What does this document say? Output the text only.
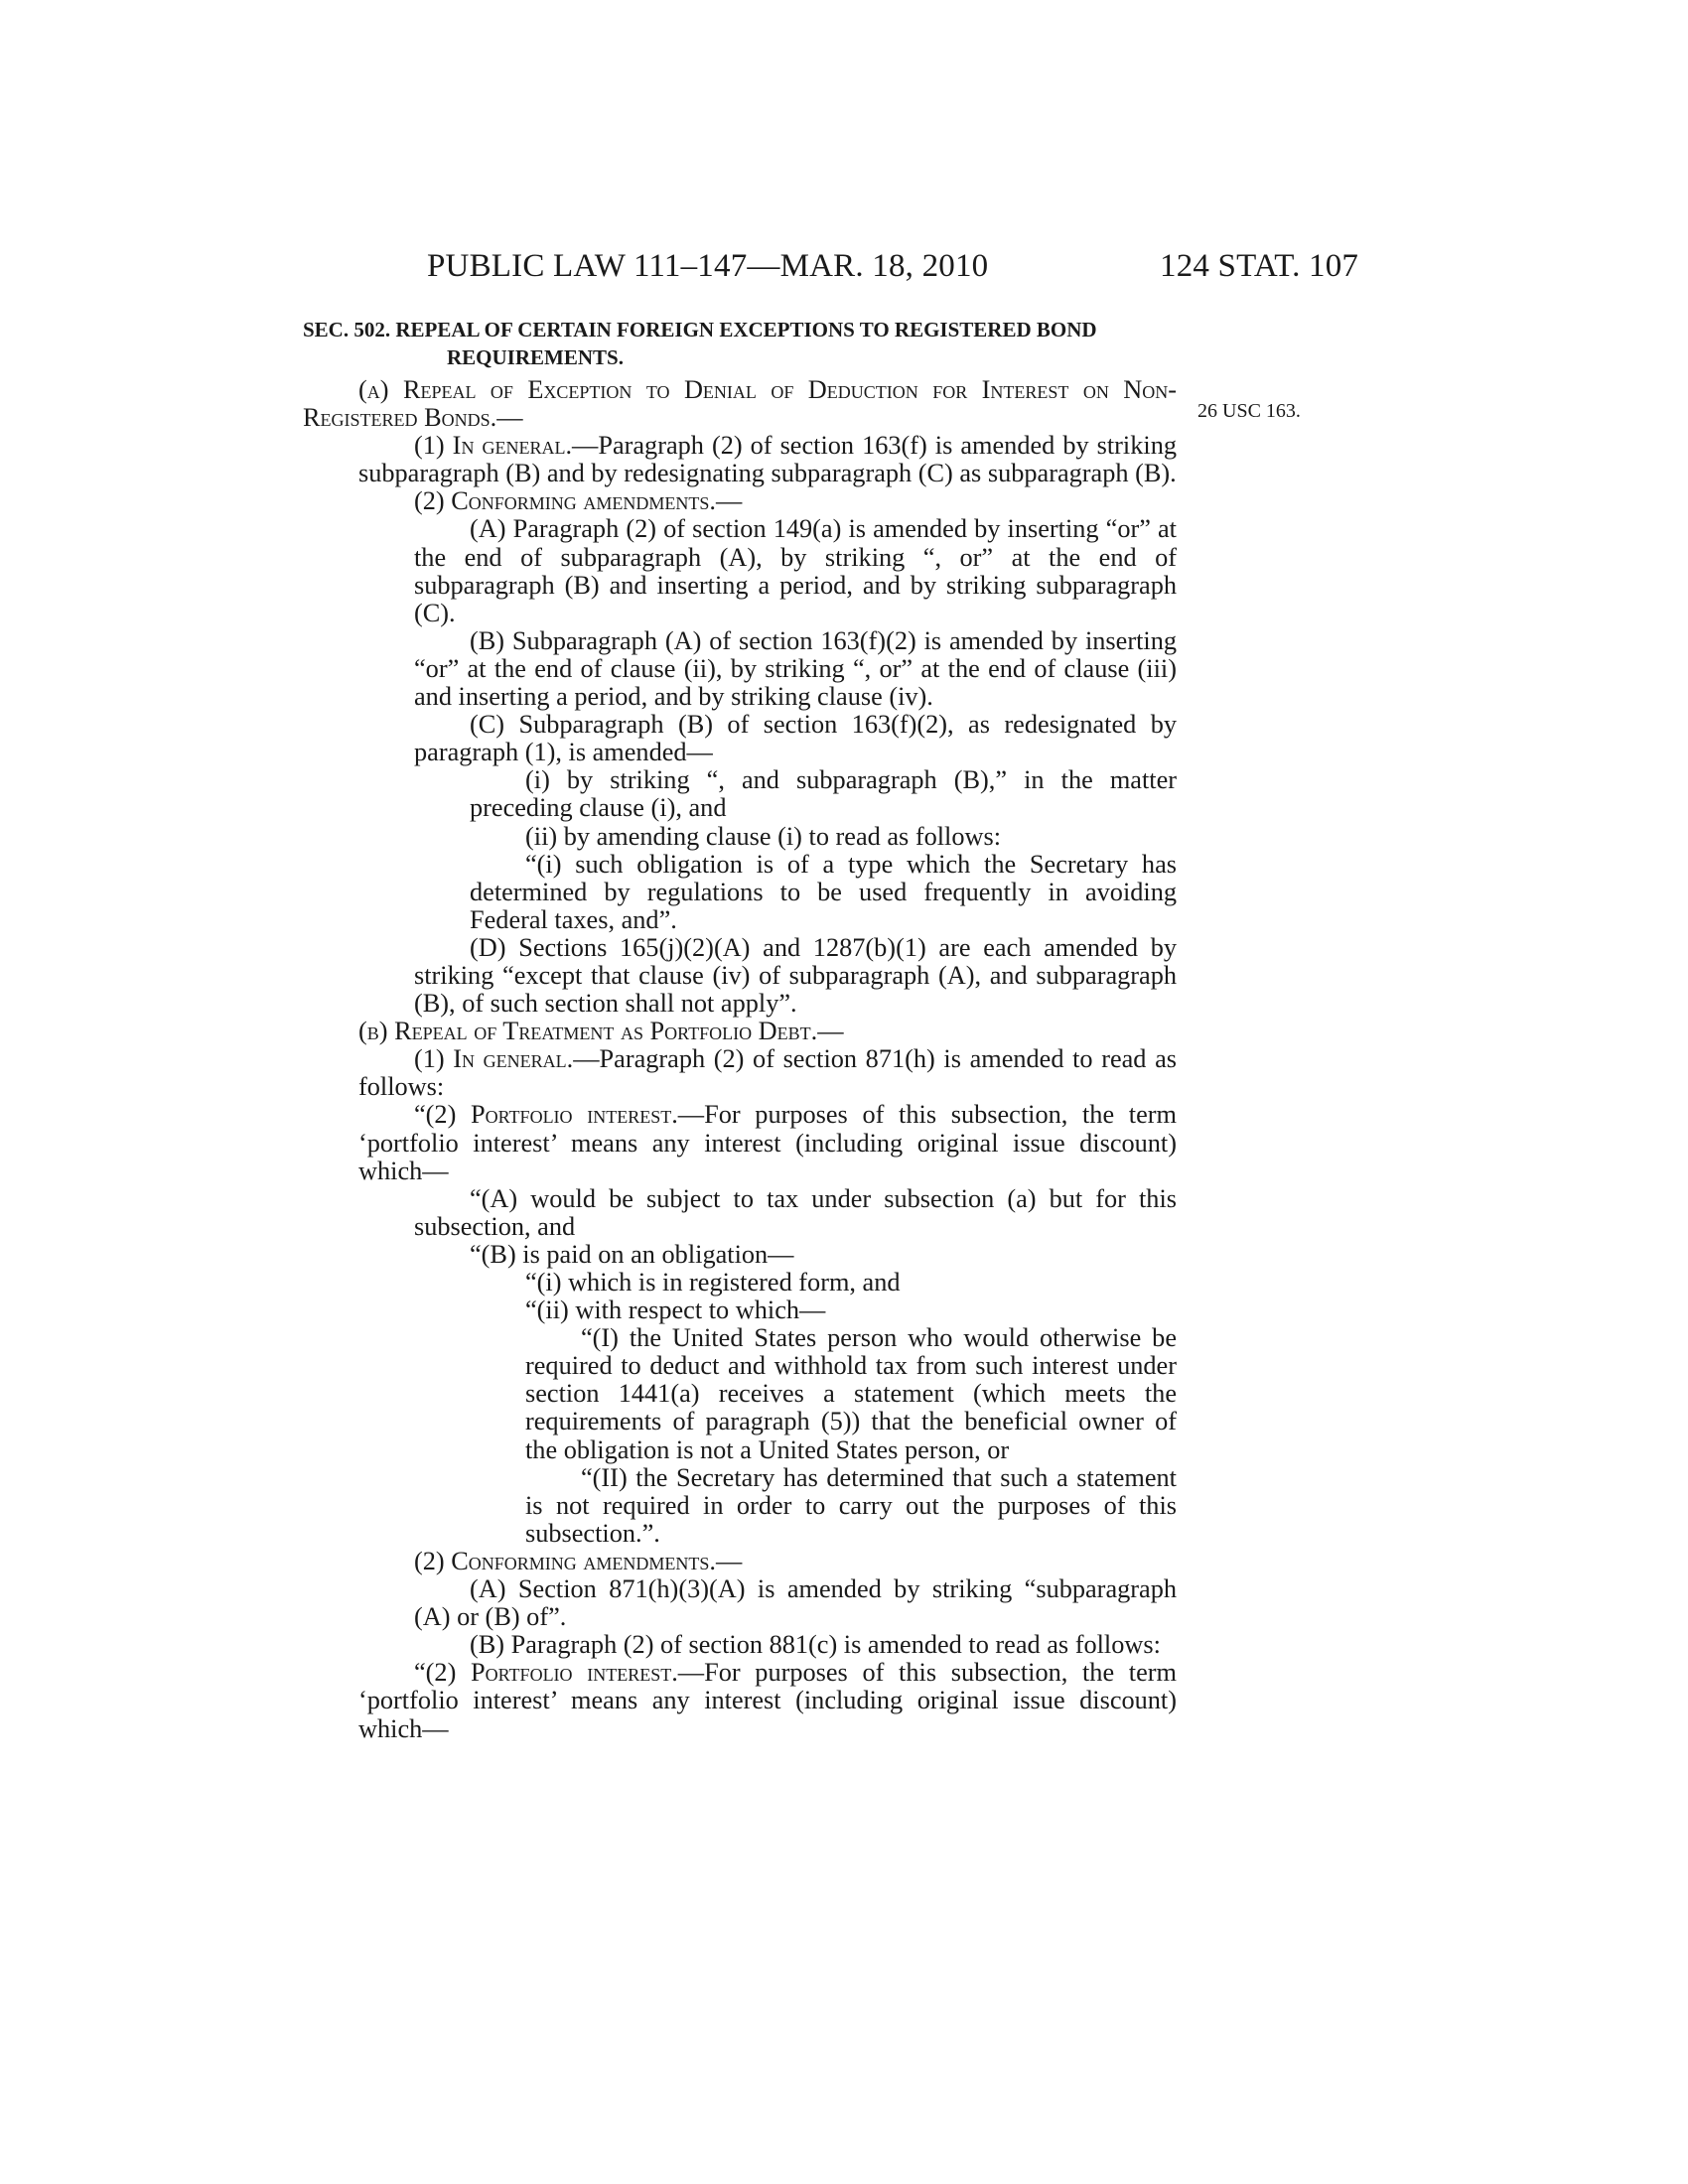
PUBLIC LAW 111–147—MAR. 18, 2010	124 STAT. 107
26 USC 163.

SEC. 502. REPEAL OF CERTAIN FOREIGN EXCEPTIONS TO REGISTERED BOND REQUIREMENTS.

(a) Repeal of Exception to Denial of Deduction for Interest on Non-Registered Bonds.—

(1) In general.—Paragraph (2) of section 163(f) is amended by striking subparagraph (B) and by redesignating subparagraph (C) as subparagraph (B).

(2) Conforming amendments.—

(A) Paragraph (2) of section 149(a) is amended by inserting “or” at the end of subparagraph (A), by striking “, or” at the end of subparagraph (B) and inserting a period, and by striking subparagraph (C).

(B) Subparagraph (A) of section 163(f)(2) is amended by inserting “or” at the end of clause (ii), by striking “, or” at the end of clause (iii) and inserting a period, and by striking clause (iv).

(C) Subparagraph (B) of section 163(f)(2), as redesignated by paragraph (1), is amended—

(i) by striking “, and subparagraph (B),” in the matter preceding clause (i), and

(ii) by amending clause (i) to read as follows:

“(i) such obligation is of a type which the Secretary has determined by regulations to be used frequently in avoiding Federal taxes, and”.

(D) Sections 165(j)(2)(A) and 1287(b)(1) are each amended by striking “except that clause (iv) of subparagraph (A), and subparagraph (B), of such section shall not apply”.

(b) Repeal of Treatment as Portfolio Debt.—

(1) In general.—Paragraph (2) of section 871(h) is amended to read as follows:

“(2) Portfolio interest.—For purposes of this subsection, the term ‘portfolio interest’ means any interest (including original issue discount) which—

“(A) would be subject to tax under subsection (a) but for this subsection, and

“(B) is paid on an obligation—

“(i) which is in registered form, and

“(ii) with respect to which—

“(I) the United States person who would otherwise be required to deduct and withhold tax from such interest under section 1441(a) receives a statement (which meets the requirements of paragraph (5)) that the beneficial owner of the obligation is not a United States person, or

“(II) the Secretary has determined that such a statement is not required in order to carry out the purposes of this subsection.”.

(2) Conforming amendments.—

(A) Section 871(h)(3)(A) is amended by striking “subparagraph (A) or (B) of”.

(B) Paragraph (2) of section 881(c) is amended to read as follows:

“(2) Portfolio interest.—For purposes of this subsection, the term ‘portfolio interest’ means any interest (including original issue discount) which—
